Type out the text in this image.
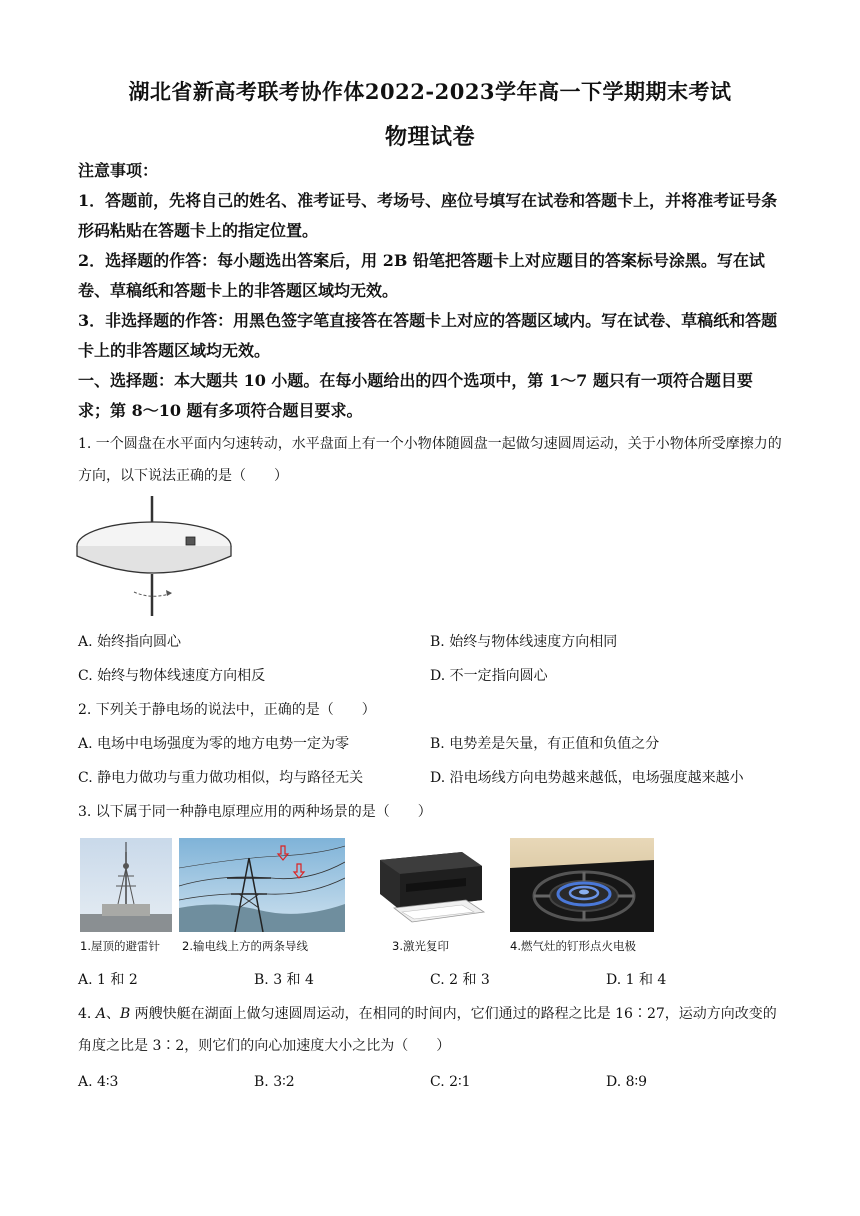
湖北省新高考联考协作体2022-2023学年高一下学期期末考试
物理试卷
注意事项：
1．答题前，先将自己的姓名、准考证号、考场号、座位号填写在试卷和答题卡上，并将准考证号条形码粘贴在答题卡上的指定位置。
2．选择题的作答：每小题选出答案后，用 2B 铅笔把答题卡上对应题目的答案标号涂黑。写在试卷、草稿纸和答题卡上的非答题区域均无效。
3．非选择题的作答：用黑色签字笔直接答在答题卡上对应的答题区域内。写在试卷、草稿纸和答题卡上的非答题区域均无效。
一、选择题：本大题共 10 小题。在每小题给出的四个选项中，第 1～7 题只有一项符合题目要求；第 8～10 题有多项符合题目要求。
1. 一个圆盘在水平面内匀速转动，水平盘面上有一个小物体随圆盘一起做匀速圆周运动，关于小物体所受摩擦力的方向，以下说法正确的是（　　）
A. 始终指向圆心	B. 始终与物体线速度方向相同
C. 始终与物体线速度方向相反	D. 不一定指向圆心
2. 下列关于静电场的说法中，正确的是（　　）
A. 电场中电场强度为零的地方电势一定为零	B. 电势差是矢量，有正值和负值之分
C. 静电力做功与重力做功相似，均与路径无关	D. 沿电场线方向电势越来越低，电场强度越来越小
3. 以下属于同一种静电原理应用的两种场景的是（　　）
1.屋顶的避雷针 2.输电线上方的两条导线	3.激光复印	4.燃气灶的钉形点火电极
A. 1 和 2	B. 3 和 4	C. 2 和 3	D. 1 和 4
4. A、B 两艘快艇在湖面上做匀速圆周运动，在相同的时间内，它们通过的路程之比是 16∶27，运动方向改变的角度之比是 3∶2，则它们的向心加速度大小之比为（　　）
A. 4∶3	B. 3∶2	C. 2∶1	D. 8∶9
